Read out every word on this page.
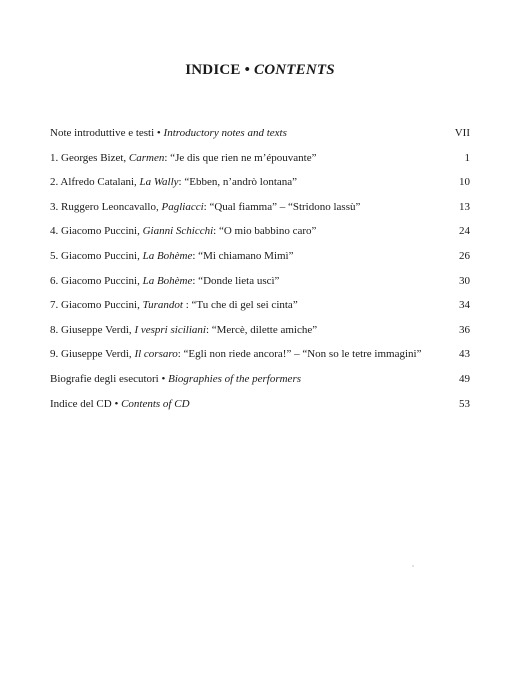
INDICE • CONTENTS
Note introduttive e testi • Introductory notes and texts	VII
1. Georges Bizet, Carmen: “Je dis que rien ne m’épouvante”	1
2. Alfredo Catalani, La Wally: “Ebben, n’andrò lontana”	10
3. Ruggero Leoncavallo, Pagliacci: “Qual fiamma” – “Stridono lassù”	13
4. Giacomo Puccini, Gianni Schicchi: “O mio babbino caro”	24
5. Giacomo Puccini, La Bohème: “Mi chiamano Mimì”	26
6. Giacomo Puccini, La Bohème: “Donde lieta uscì”	30
7. Giacomo Puccini, Turandot : “Tu che di gel sei cinta”	34
8. Giuseppe Verdi, I vespri siciliani: “Mercè, dilette amiche”	36
9. Giuseppe Verdi, Il corsaro: “Egli non riede ancora!” – “Non so le tetre immagini”	43
Biografie degli esecutori • Biographies of the performers	49
Indice del CD • Contents of CD	53
